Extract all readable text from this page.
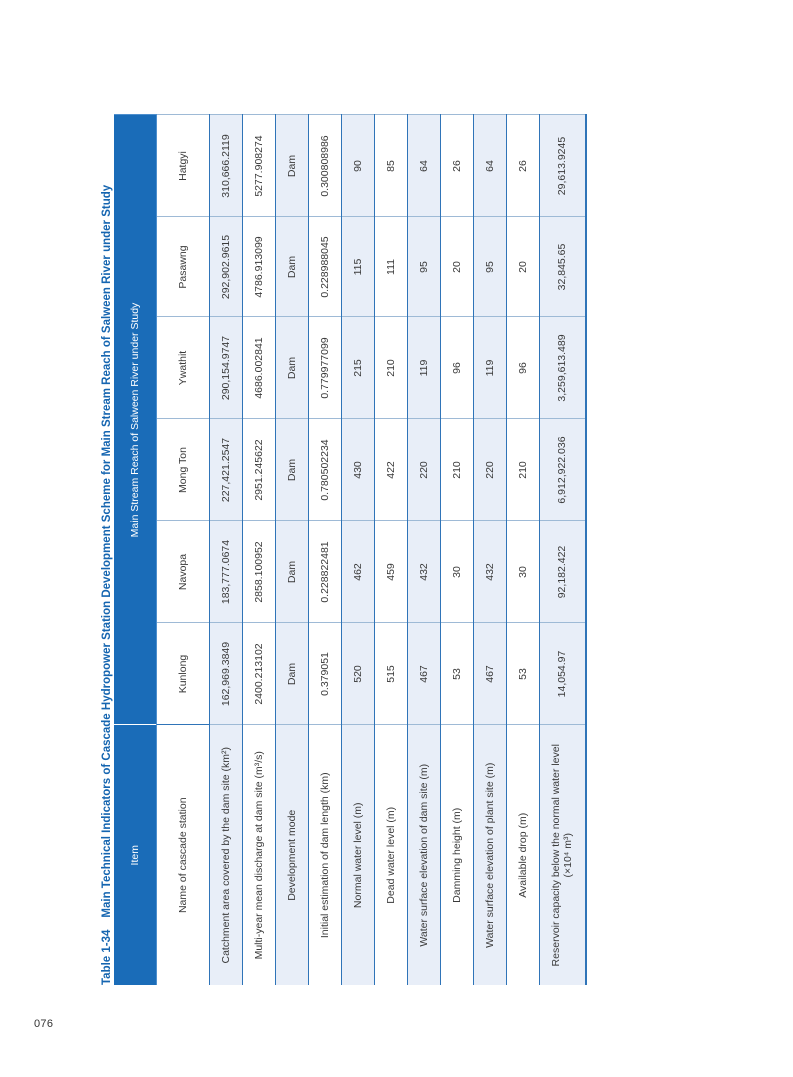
076
Table 1-34Main Technical Indicators of Cascade Hydropower Station Development Scheme for Main Stream Reach of Salween River under Study Item	Main Stream Reach of Salween River under Study					
Name of cascade station	Kunlong	Navopa	Mong Ton	Ywathit	Pasawng	Hatgyi
Catchment area covered by the dam site (km²)	162,969.3849	183,777.0674	227,421.2547	290,154.9747	292,902.9615	310,666.2119
Multi-year mean discharge at dam site (m³/s)	2400.213102	2858.100952	2951.245622	4686.002841	4786.913099	5277.908274
Development mode	Dam	Dam	Dam	Dam	Dam	Dam
Initial estimation of dam length (km)	0.379051	0.228822481	0.780502234	0.779977099	0.228988045	0.300808986
Normal water level (m)	520	462	430	215	115	90
Dead water level (m)	515	459	422	210	111	85
Water surface elevation of dam site (m)	467	432	220	119	95	64
Damming height (m)	53	30	210	96	20	26
Water surface elevation of plant site (m)	467	432	220	119	95	64
Available drop (m)	53	30	210	96	20	26
Reservoir capacity below the normal water level (×10⁴ m³)	14,054.97	92,182.422	6,912,922.036	3,259,613.489	32,845.65	29,613.9245
